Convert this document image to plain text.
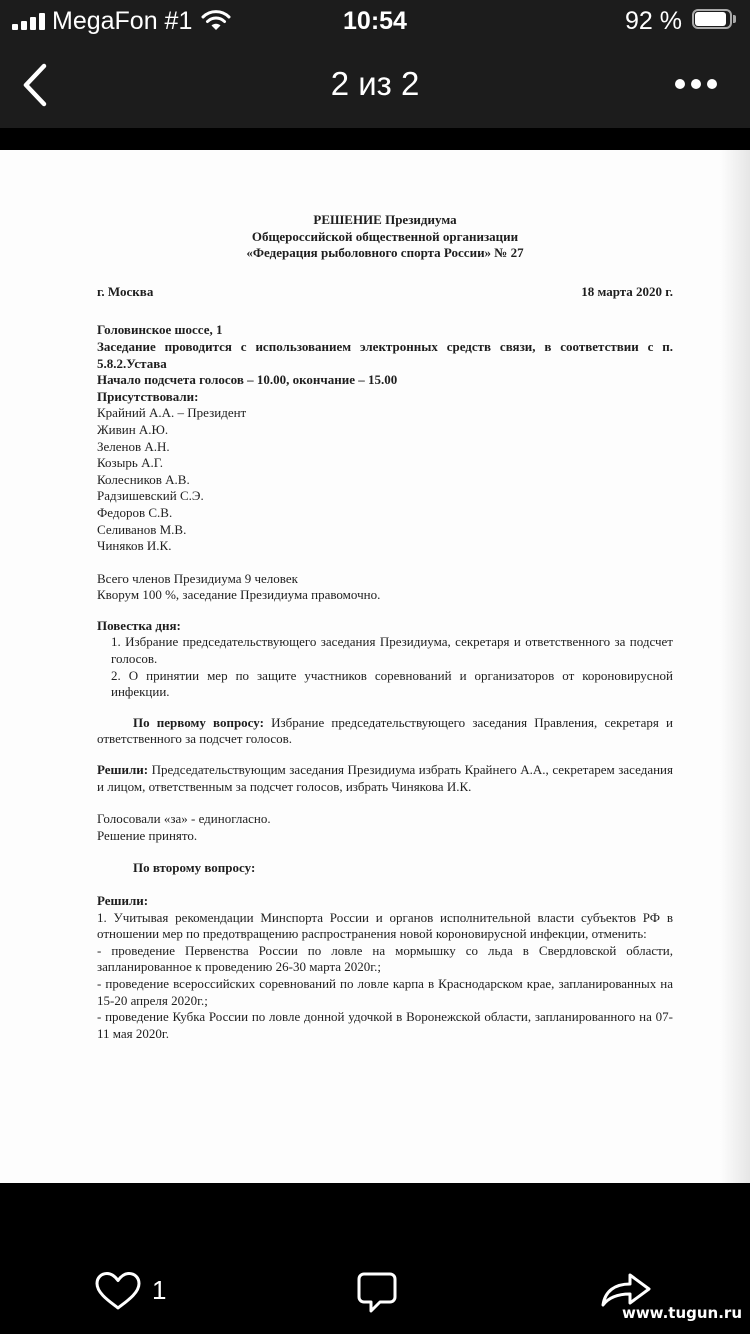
MegaFon #1	10:54	92 %
2 из 2

РЕШЕНИЕ Президиума

Общероссийской общественной организации

«Федерация рыболовного спорта России» № 27

г. Москва	18 марта 2020 г.

Головинское шоссе, 1

Заседание проводится с использованием электронных средств связи, в соответствии с п. 5.8.2.Устава

Начало подсчета голосов – 10.00, окончание – 15.00

Присутствовали:

Крайний А.А. – Президент

Живин А.Ю.

Зеленов А.Н.

Козырь А.Г.

Колесников А.В.

Радзишевский С.Э.

Федоров С.В.

Селиванов М.В.

Чиняков И.К.

Всего членов Президиума 9 человек

Кворум 100 %, заседание Президиума правомочно.

Повестка дня:

1. Избрание председательствующего заседания Президиума, секретаря и ответственного за подсчет голосов.

2. О принятии мер по защите участников соревнований и организаторов от короновирусной инфекции.

По первому вопросу: Избрание председательствующего заседания Правления, секретаря и ответственного за подсчет голосов.

Решили: Председательствующим заседания Президиума избрать Крайнего А.А., секретарем заседания и лицом, ответственным за подсчет голосов, избрать Чинякова И.К.

Голосовали «за» - единогласно.

Решение принято.

По второму вопросу:

Решили:

1. Учитывая рекомендации Минспорта России и органов исполнительной власти субъектов РФ в отношении мер по предотвращению распространения новой короновирусной инфекции, отменить:

- проведение Первенства России по ловле на мормышку со льда в Свердловской области, запланированное к проведению 26-30 марта 2020г.;

- проведение всероссийских соревнований по ловле карпа в Краснодарском крае, запланированных на 15-20 апреля 2020г.;

- проведение Кубка России по ловле донной удочкой в Воронежской области, запланированного на 07-11 мая 2020г.

1
www.tugun.ru
